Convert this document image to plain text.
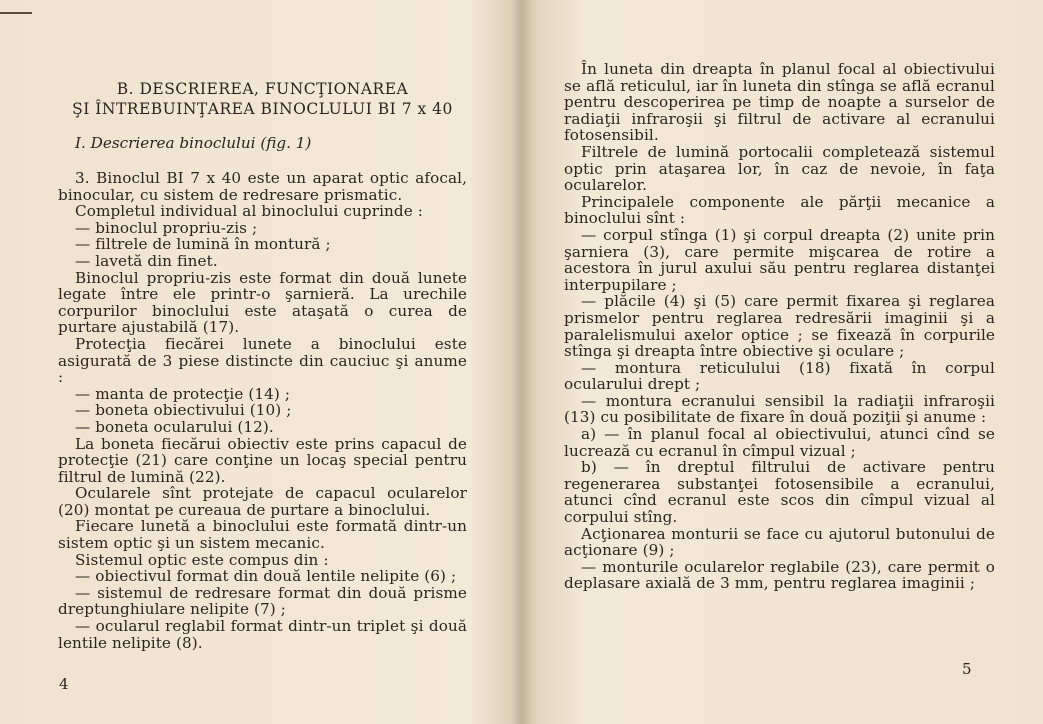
B. DESCRIEREA, FUNCŢIONAREA
ŞI ÎNTREBUINŢAREA BINOCLULUI BI 7 x 40
I. Descrierea binoclului (fig. 1)
3. Binoclul BI 7 x 40 este un aparat optic afocal, binocular, cu sistem de redresare prismatic.
Completul individual al binoclului cuprinde :
— binoclul propriu-zis ;
— filtrele de lumină în montură ;
— lavetă din finet.
Binoclul propriu-zis este format din două lunete legate între ele printr-o şarnieră. La urechile corpurilor binoclului este ataşată o curea de purtare ajustabilă (17).
Protecţia fiecărei lunete a binoclului este asigurată de 3 piese distincte din cauciuc şi anume :
— manta de protecţie (14) ;
— boneta obiectivului (10) ;
— boneta ocularului (12).
La boneta fiecărui obiectiv este prins capacul de protecţie (21) care conţine un locaş special pentru filtrul de lumină (22).
Ocularele sînt protejate de capacul ocularelor (20) montat pe cureaua de purtare a binoclului.
Fiecare lunetă a binoclului este formată dintr-un sistem optic şi un sistem mecanic.
Sistemul optic este compus din :
— obiectivul format din două lentile nelipite (6) ;
— sistemul de redresare format din două prisme dreptunghiulare nelipite (7) ;
— ocularul reglabil format dintr-un triplet şi două lentile nelipite (8).
4
În luneta din dreapta în planul focal al obiectivului se află reticulul, iar în luneta din stînga se află ecranul pentru descoperirea pe timp de noapte a surselor de radiaţii infraroşii şi filtrul de activare al ecranului fotosensibil.
Filtrele de lumină portocalii completează sistemul optic prin ataşarea lor, în caz de nevoie, în faţa ocularelor.
Principalele componente ale părţii mecanice a binoclului sînt :
— corpul stînga (1) şi corpul dreapta (2) unite prin şarniera (3), care permite mişcarea de rotire a acestora în jurul axului său pentru reglarea distanţei interpupilare ;
— plăcile (4) şi (5) care permit fixarea şi reglarea prismelor pentru reglarea redresării imaginii şi a paralelismului axelor optice ; se fixează în corpurile stînga şi dreapta între obiective şi oculare ;
— montura reticulului (18) fixată în corpul ocularului drept ;
— montura ecranului sensibil la radiaţii infraroşii (13) cu posibilitate de fixare în două poziţii şi anume :
a) — în planul focal al obiectivului, atunci cînd se lucrează cu ecranul în cîmpul vizual ;
b) — în dreptul filtrului de activare pentru regenerarea substanţei fotosensibile a ecranului, atunci cînd ecranul este scos din cîmpul vizual al corpului stîng.
Acţionarea monturii se face cu ajutorul butonului de acţionare (9) ;
— monturile ocularelor reglabile (23), care permit o deplasare axială de 3 mm, pentru reglarea imaginii ;
5
